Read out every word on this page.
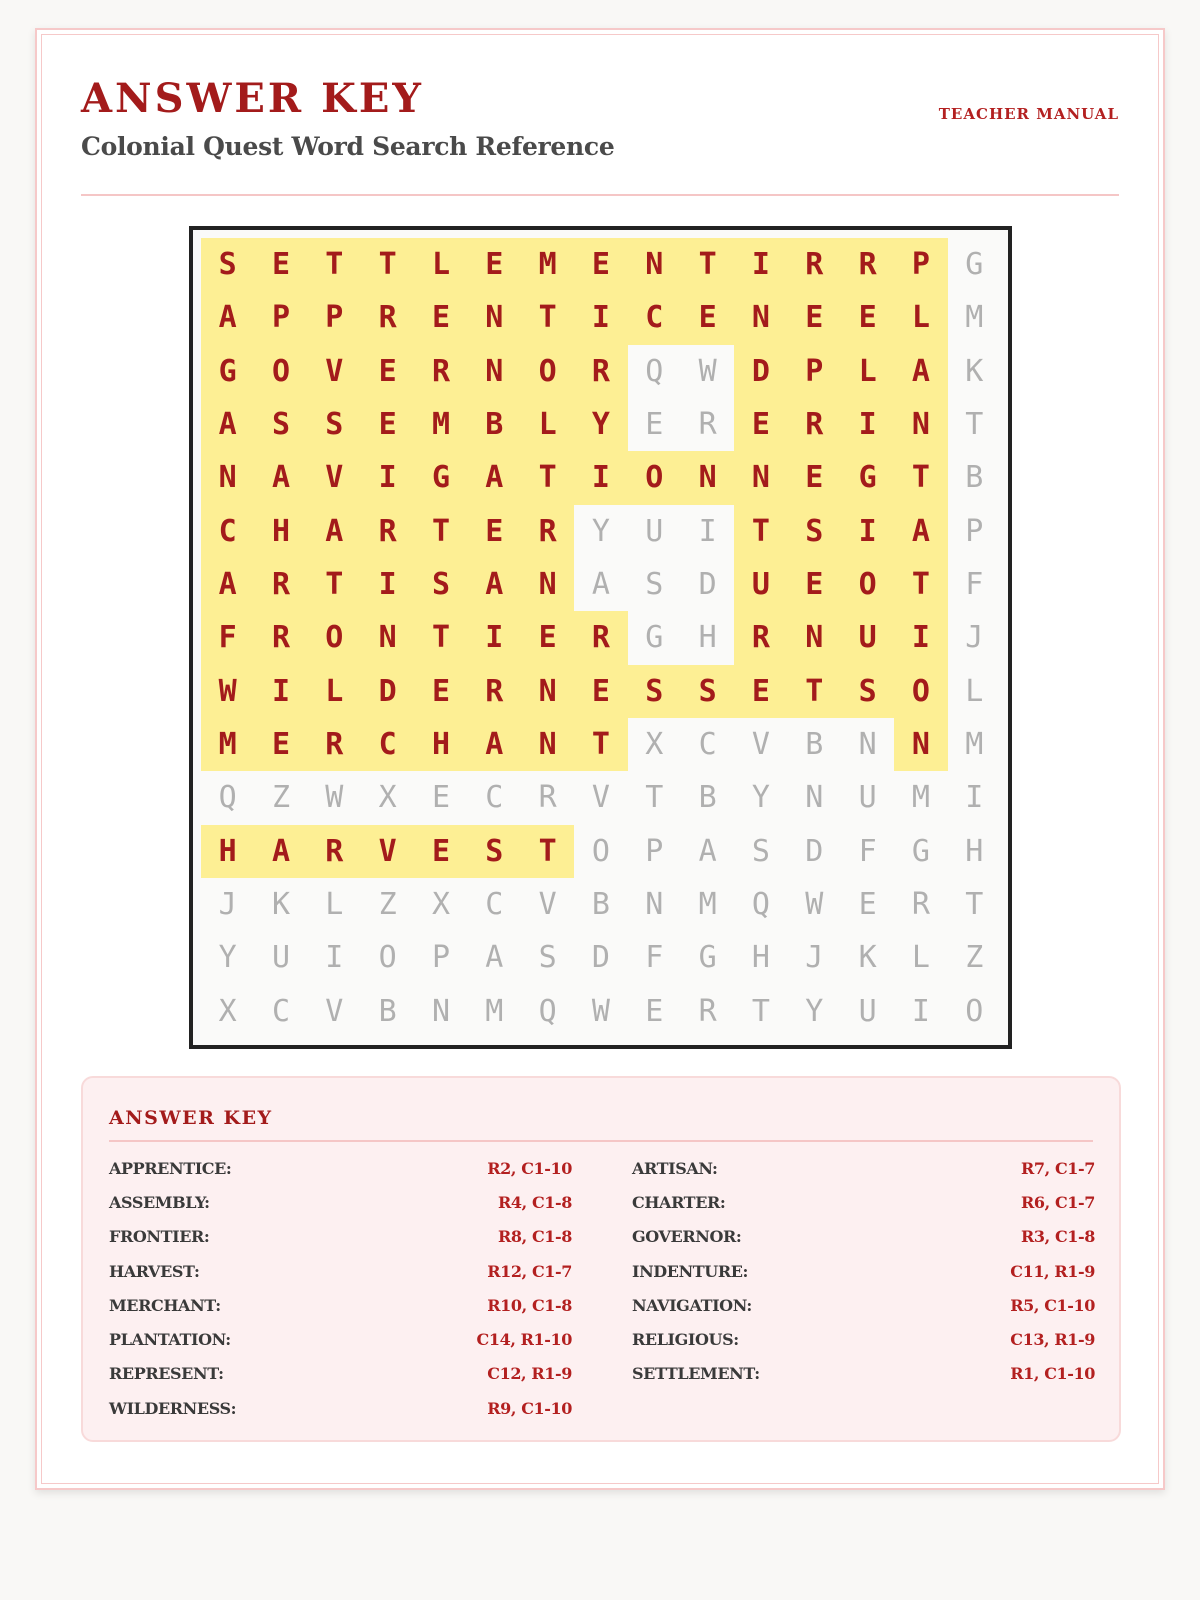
ANSWER KEY
Colonial Quest Word Search Reference
TEACHER MANUAL
S	E	T	T	L	E	M	E	N	T	I	R	R	P	G
A	P	P	R	E	N	T	I	C	E	N	E	E	L	M
G	O	V	E	R	N	O	R	Q	W	D	P	L	A	K
A	S	S	E	M	B	L	Y	E	R	E	R	I	N	T
N	A	V	I	G	A	T	I	O	N	N	E	G	T	B
C	H	A	R	T	E	R	Y	U	I	T	S	I	A	P
A	R	T	I	S	A	N	A	S	D	U	E	O	T	F
F	R	O	N	T	I	E	R	G	H	R	N	U	I	J
W	I	L	D	E	R	N	E	S	S	E	T	S	O	L
M	E	R	C	H	A	N	T	X	C	V	B	N	N	M
Q	Z	W	X	E	C	R	V	T	B	Y	N	U	M	I
H	A	R	V	E	S	T	O	P	A	S	D	F	G	H
J	K	L	Z	X	C	V	B	N	M	Q	W	E	R	T
Y	U	I	O	P	A	S	D	F	G	H	J	K	L	Z
X	C	V	B	N	M	Q	W	E	R	T	Y	U	I	O
ANSWER KEY
APPRENTICE:	R2, C1-10	ARTISAN:	R7, C1-7
ASSEMBLY:	R4, C1-8	CHARTER:	R6, C1-7
FRONTIER:	R8, C1-8	GOVERNOR:	R3, C1-8
HARVEST:	R12, C1-7	INDENTURE:	C11, R1-9
MERCHANT:	R10, C1-8	NAVIGATION:	R5, C1-10
PLANTATION:	C14, R1-10	RELIGIOUS:	C13, R1-9
REPRESENT:	C12, R1-9	SETTLEMENT:	R1, C1-10
WILDERNESS:	R9, C1-10
